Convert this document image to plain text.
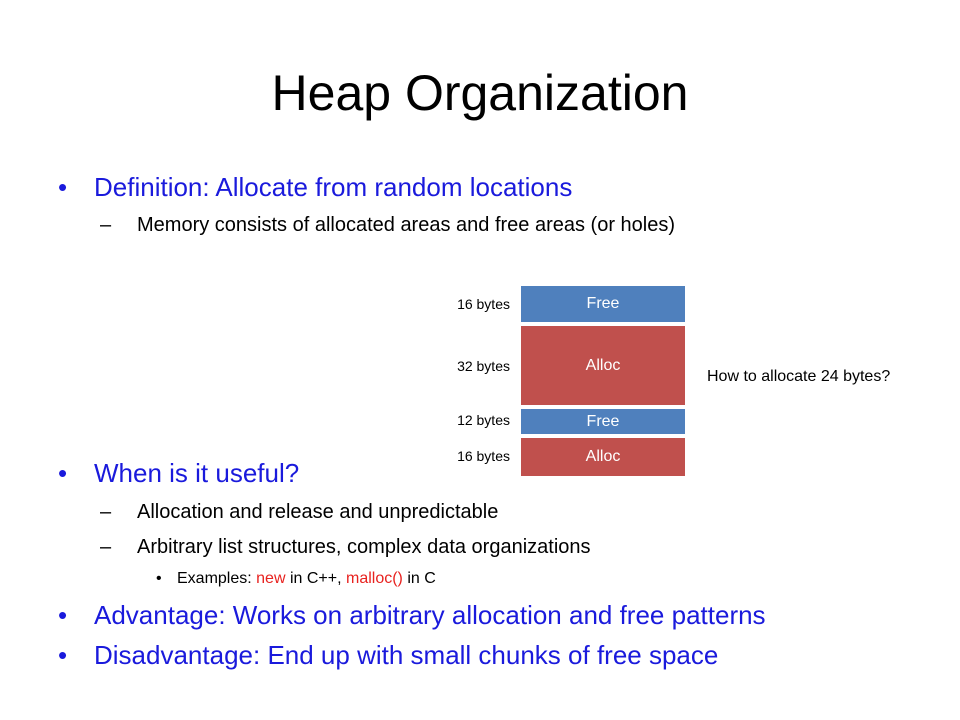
Heap Organization
• Definition: Allocate from random locations
– Memory consists of allocated areas and free areas (or holes)
Free
Alloc
Free
Alloc
16 bytes
32 bytes
12 bytes
16 bytes
How to allocate 24 bytes?
• When is it useful?
– Allocation and release and unpredictable
– Arbitrary list structures, complex data organizations
• Examples: new in C++, malloc() in C
• Advantage: Works on arbitrary allocation and free patterns
• Disadvantage: End up with small chunks of free space
